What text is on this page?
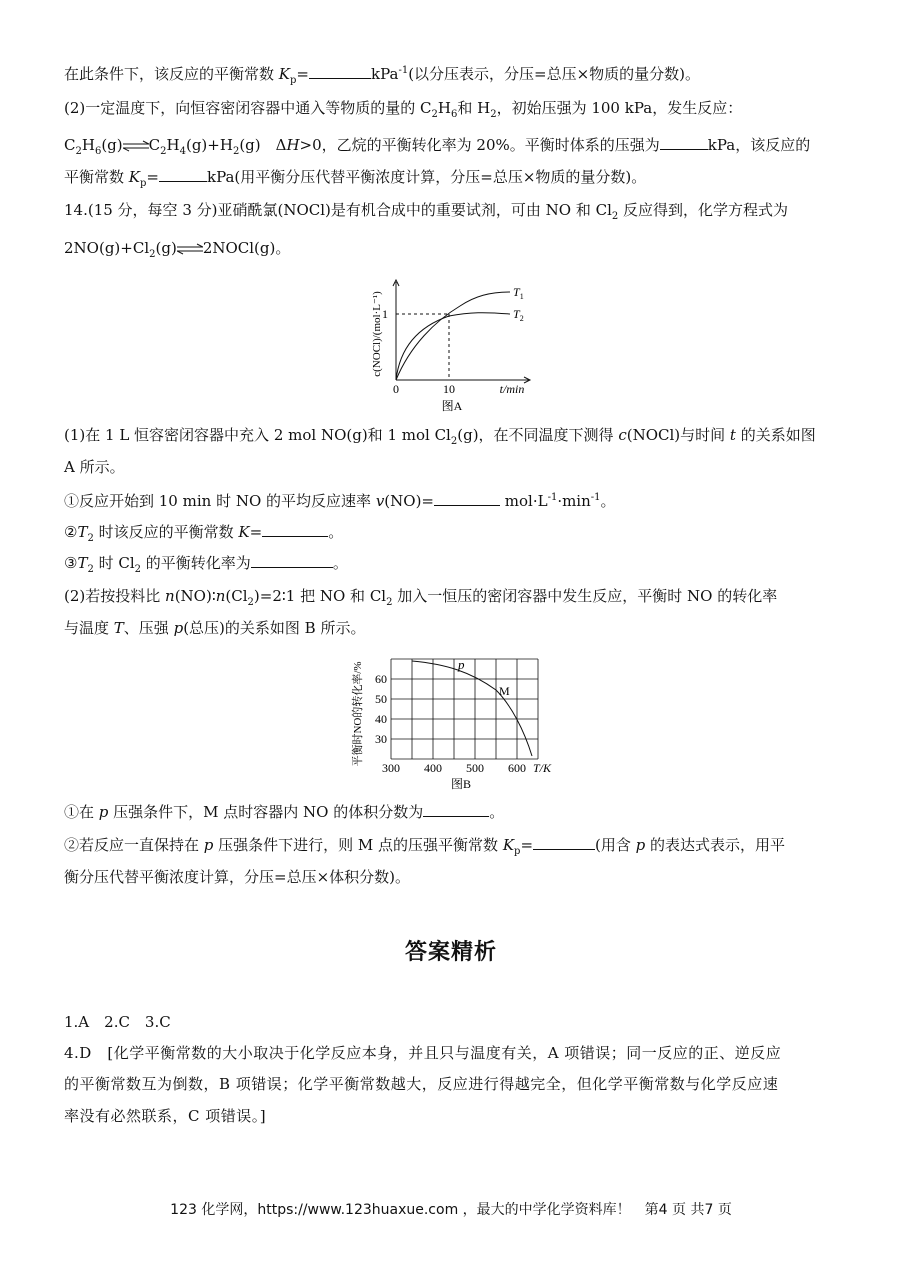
在此条件下，该反应的平衡常数 $K_p=$	kPa$^{-1}$(以分压表示，分压=总压×物质的量分数)。
(2)一定温度下，向恒容密闭容器中通入等物质的量的 $C_2H_6$和 $H_2$，初始压强为 100 kPa，发生反应：
$C_2H_6(g)\rightleftharpoons C_2H_4(g)+H_2(g)$　ΔH>0，乙烷的平衡转化率为 20%。平衡时体系的压强为	kPa，该反应的
平衡常数 $K_p=$	kPa(用平衡分压代替平衡浓度计算，分压=总压×物质的量分数)。
14.(15 分，每空 3 分)亚硝酰氯(NOCl)是有机合成中的重要试剂，可由 NO 和 $Cl_2$ 反应得到，化学方程式为
$2NO(g)+Cl_2(g)\rightleftharpoons 2NOCl(g)$。
1
0	10	t/min
$T_1$
$T_2$
c(NOCl)/(mol·L⁻¹)
图A
(1)在 1 L 恒容密闭容器中充入 2 mol NO(g)和 1 mol $Cl_2(g)$，在不同温度下测得 c(NOCl)与时间 t 的关系如图
A 所示。
①反应开始到 10 min 时 NO 的平均反应速率 v(NO)=	$mol\cdot L^{-1}\cdot\min^{-1}$。
$②T_2$ 时该反应的平衡常数 K=	。
$③T_2$ 时 $Cl_2$ 的平衡转化率为	。
(2)若按投料比 $n(NO)∶n(Cl_2)=2∶1$ 把 NO 和 $Cl_2$ 加入一恒压的密闭容器中发生反应，平衡时 NO 的转化率
与温度 T、压强 p(总压)的关系如图 B 所示。
p
M
60
50
40
30
300 400 500 600 T/K
平衡时NO的转化率/%
图B
①在 p 压强条件下，M 点时容器内 NO 的体积分数为	。
②若反应一直保持在 p 压强条件下进行，则 M 点的压强平衡常数 $K_p=$	(用含 p 的表达式表示，用平
衡分压代替平衡浓度计算，分压=总压×体积分数)。
答案精析
1.A　2.C　3.C
4.D　[化学平衡常数的大小取决于化学反应本身，并且只与温度有关，A 项错误；同一反应的正、逆反应
的平衡常数互为倒数，B 项错误；化学平衡常数越大，反应进行得越完全，但化学平衡常数与化学反应速
率没有必然联系，C 项错误。]
123 化学网，https://www.123huaxue.com ，最大的中学化学资料库！　第4 页 共7 页
